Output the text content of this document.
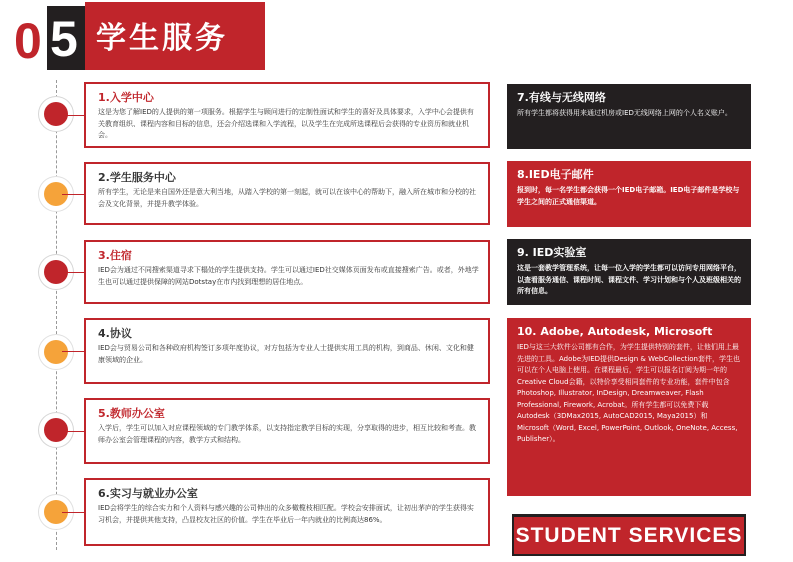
0 5 学生服务
1.入学中心

这是为您了解IED的人提供的第一项服务。根据学生与顾问进行的定制性面试和学生的喜好及具体要求，入学中心会提供有关教育组织、课程内容和目标的信息，还会介绍选课和入学流程，以及学生在完成所选课程后会获得的专业资历和就业机会。

2.学生服务中心

所有学生，无论是来自国外还是意大利当地，从踏入学校的第一刻起，就可以在该中心的帮助下，融入所在城市和分校的社会及文化背景，并提升教学体验。

3.住宿

IED会为通过不同搜索渠道寻求下榻处的学生提供支持。学生可以通过IED社交媒体页面发布或直接搜索广告。或者，外地学生也可以通过提供保障的网站Dotstay在市内找到理想的居住地点。

4.协议

IED会与贸易公司和各种政府机构签订多项年度协议，对方包括为专业人士提供实用工具的机构，到商品、休闲、文化和健康领域的企业。

5.教师办公室

入学后，学生可以加入对应课程领域的专门教学体系，以支持指定教学目标的实现，分享取得的进步，相互比较和考查。教师办公室会管理课程的内容，教学方式和结构。

6.实习与就业办公室

IED会将学生的综合实力和个人资料与感兴趣的公司伸出的众多橄榄枝相匹配。学校会安排面试，让初出茅庐的学生获得实习机会，并提供其他支持，凸显校友社区的价值。学生在毕业后一年内就业的比例高达86%。

7.有线与无线网络

所有学生都将获得用来通过机房或IED无线网络上网的个人名义账户。

8.IED电子邮件

报到时，每一名学生都会获得一个IED电子邮箱。IED电子邮件是学校与学生之间的正式通信渠道。

9. IED实验室

这是一套教学管理系统，让每一位入学的学生都可以访问专用网络平台，以查看服务通信、课程时间、课程文件、学习计划和与个人及班级相关的所有信息。

10. Adobe, Autodesk, Microsoft

IED与这三大软件公司都有合作，为学生提供特别的套件，让他们用上最先进的工具。Adobe为IED提供Design & WebCollection套件，学生也可以在个人电脑上使用。在课程最后，学生可以报名订阅为期一年的Creative Cloud会籍，以特价享受相同套件的专业功能，套件中包含Photoshop, Illustrator, InDesign, Dreamweaver, Flash Professional, Firework, Acrobat。所有学生都可以免费下载Autodesk（3DMax2015, AutoCAD2015, Maya2015）和 Microsoft（Word, Excel, PowerPoint, Outlook, OneNote, Access, Publisher）。

STUDENT SERVICES
